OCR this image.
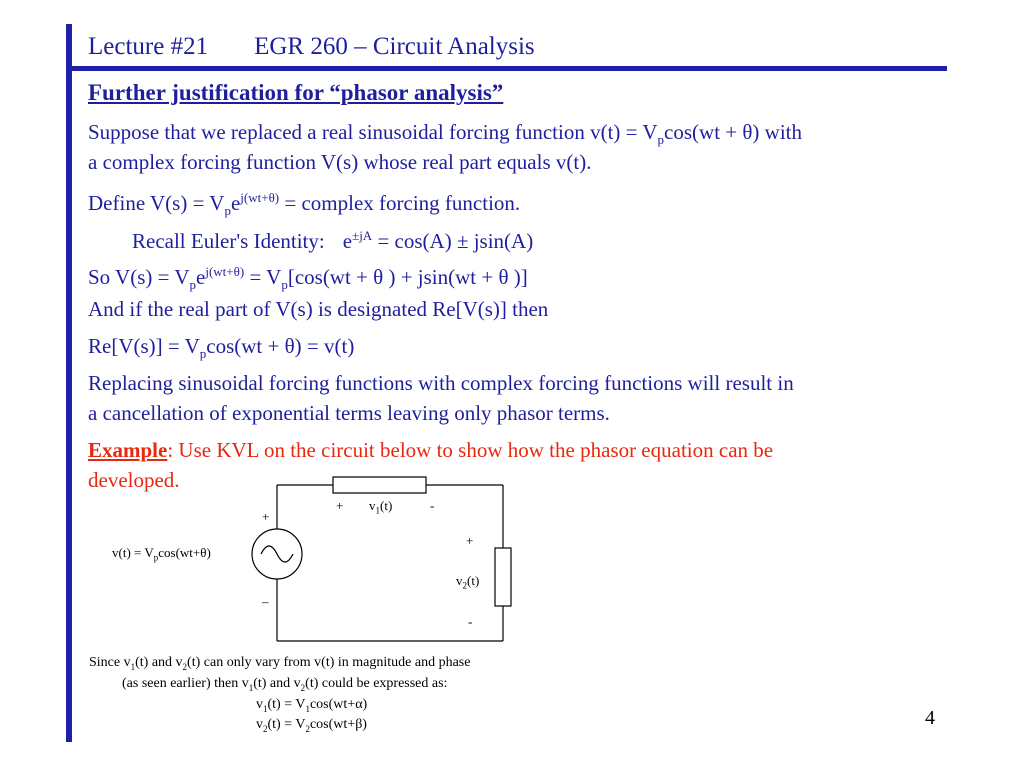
Lecture #21 EGR 260 – Circuit Analysis
Further justification for “phasor analysis”
Suppose that we replaced a real sinusoidal forcing function $v(t) = V_p\cos(wt + \theta)$ with
a complex forcing function V(s) whose real part equals v(t).
Define $V(s) = V_pe^{j(wt+\theta)}$ = complex forcing function.
Recall Euler's Identity: $e^{\pm jA} = \cos(A) \pm jsin(A)$
So $V(s) = V_pe^{j(wt+\theta)} = V_p[\cos(wt + \theta$ ) + jsin(wt + θ )]
And if the real part of V(s) is designated Re[V(s)] then
$Re[V(s)] = V_p\cos(wt + \theta) = v(t)$
Replacing sinusoidal forcing functions with complex forcing functions will result in
a cancellation of exponential terms leaving only phasor terms.
Example: Use KVL on the circuit below to show how the phasor equation can be
developed.
+
–
$v(t) = V_p\cos(wt+\theta)$
+ $v_1(t)$	-
+
$v_2(t)$
-
Since $v_1(t)$ and $v_2(t)$ can only vary from v(t) in magnitude and phase
(as seen earlier) then $v_1(t)$ and $v_2(t)$ could be expressed as:
$v_1(t) = V_1\cos(wt+\alpha)$
$v_2(t) = V_2\cos(wt+\beta)$	4
